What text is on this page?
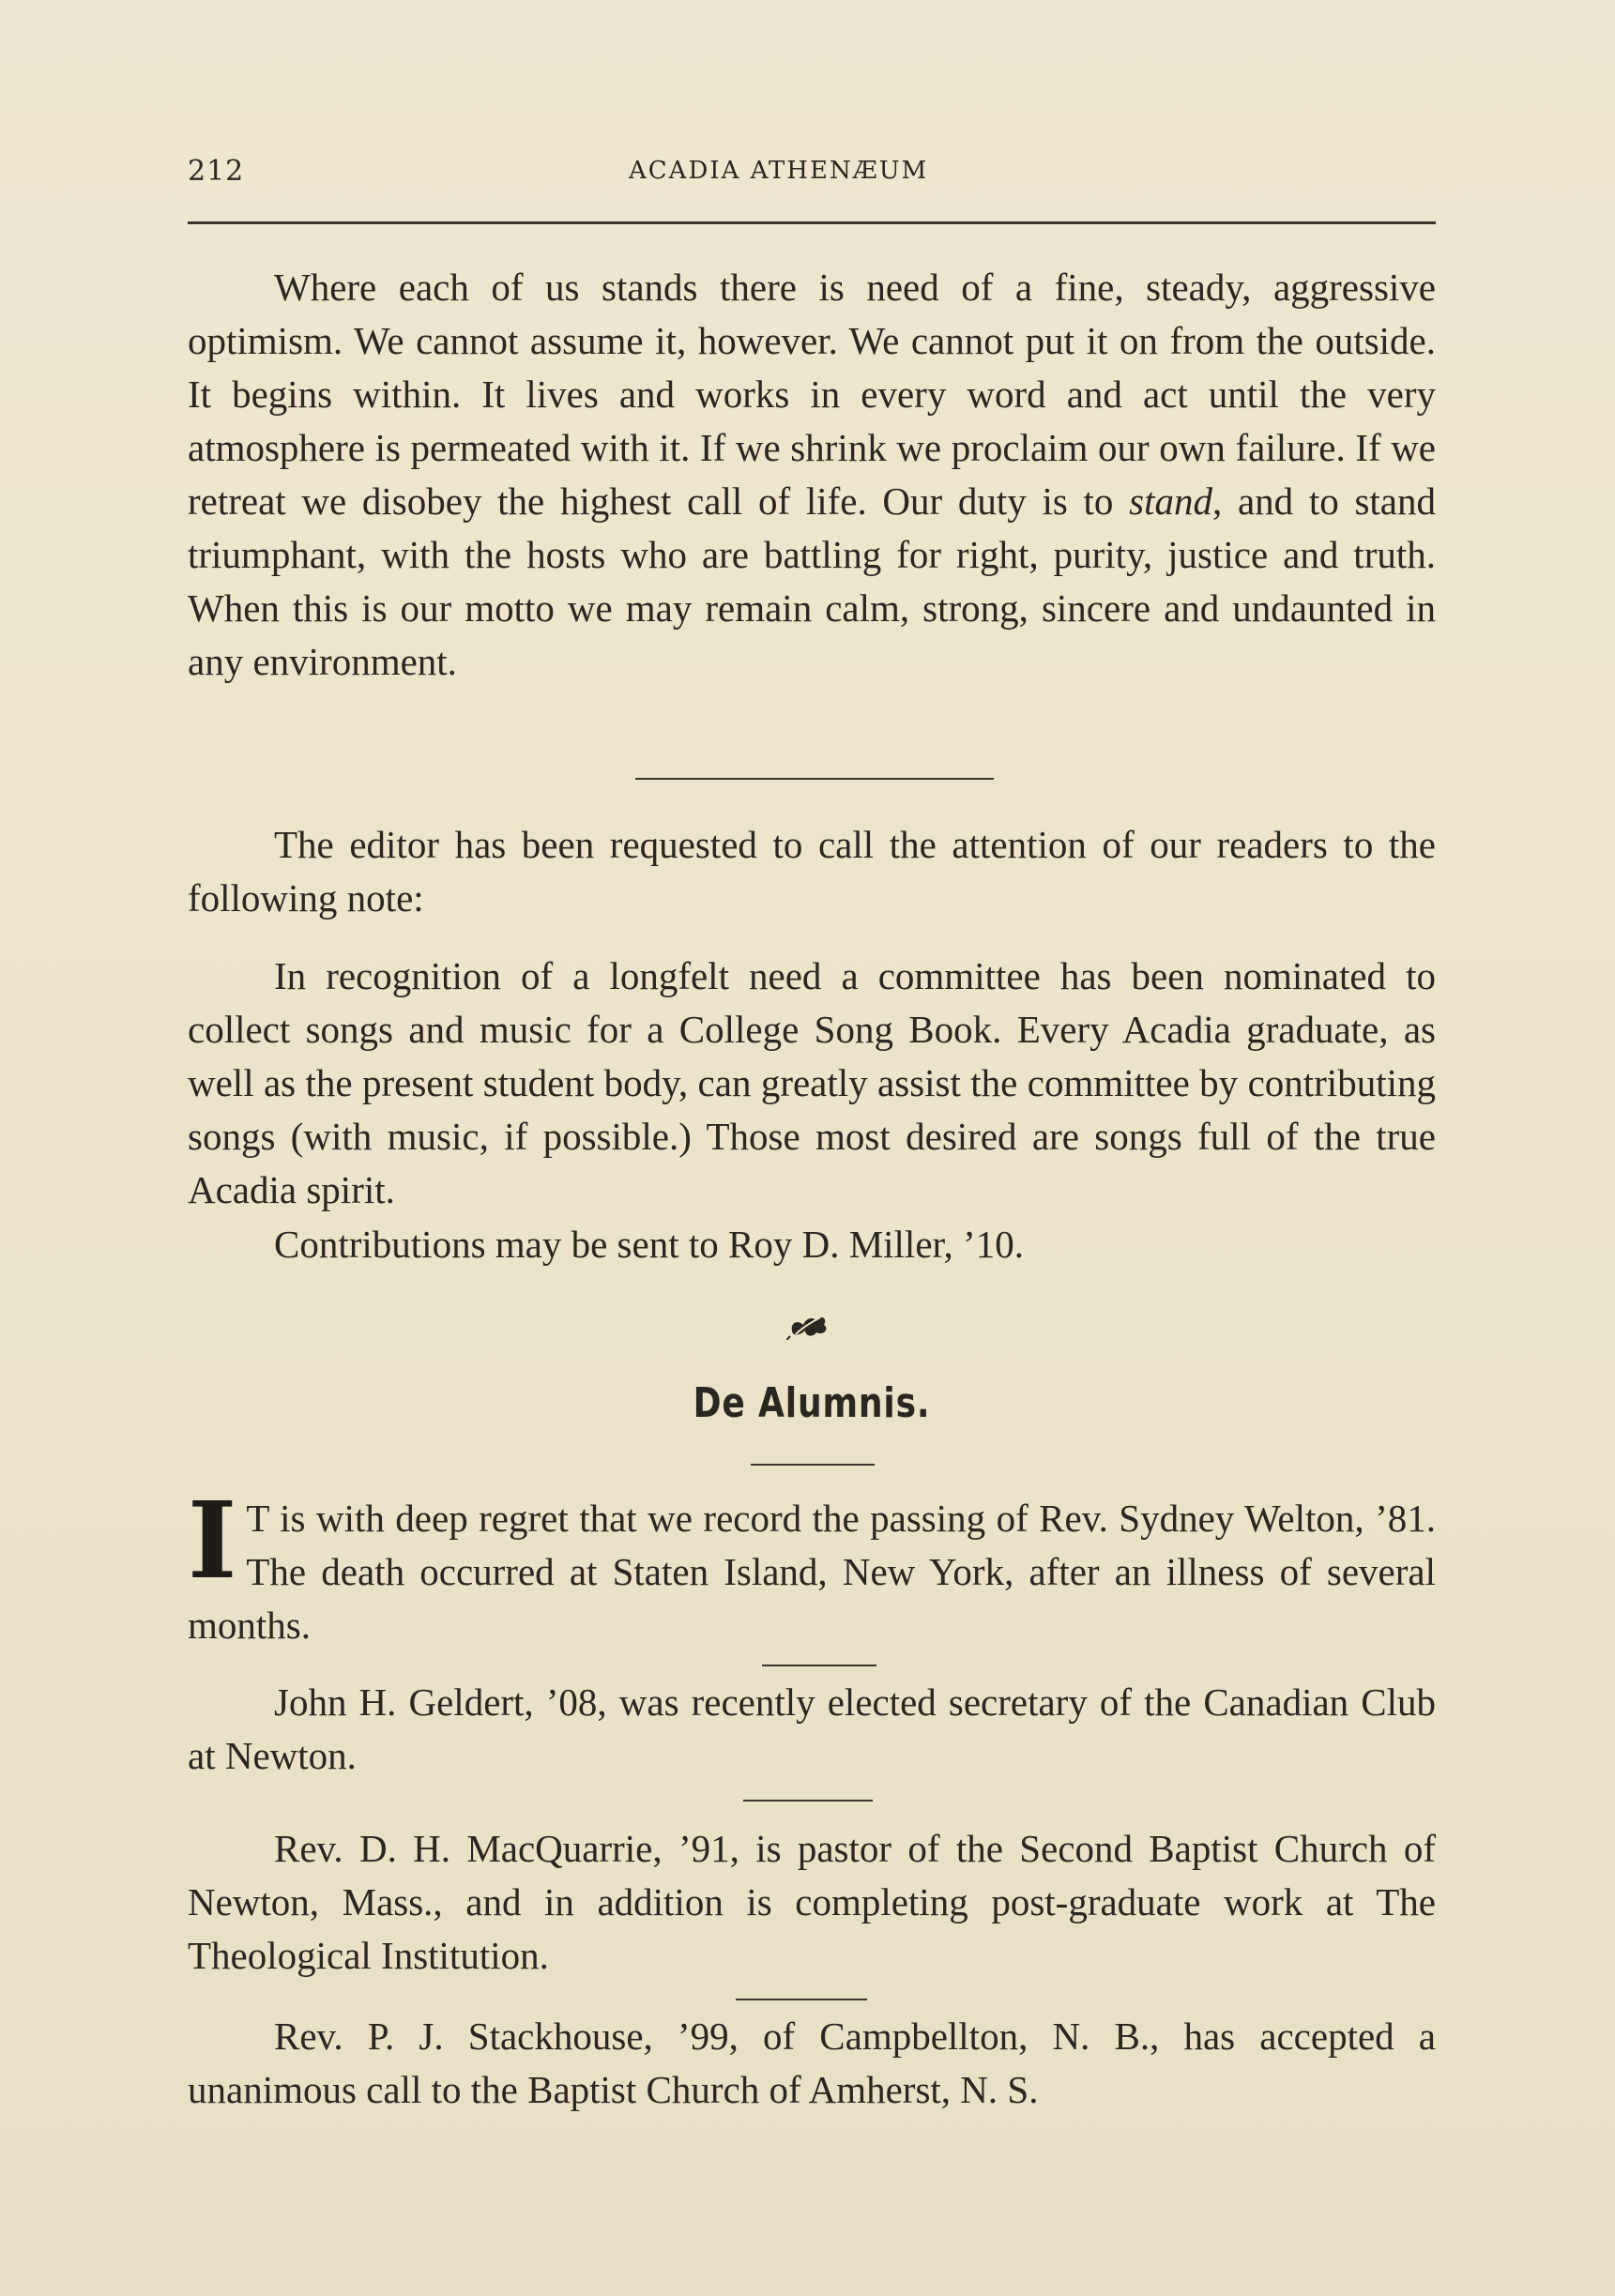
212	ACADIA ATHENÆUM

Where each of us stands there is need of a fine, steady, aggressive optimism. We cannot assume it, however. We cannot put it on from the outside. It begins within. It lives and works in every word and act until the very atmosphere is permeated with it. If we shrink we proclaim our own failure. If we retreat we disobey the highest call of life. Our duty is to stand, and to stand triumphant, with the hosts who are battling for right, purity, justice and truth. When this is our motto we may remain calm, strong, sincere and undaunted in any environment.

The editor has been requested to call the attention of our readers to the following note:

In recognition of a longfelt need a committee has been nominated to collect songs and music for a College Song Book. Every Acadia graduate, as well as the present student body, can greatly assist the committee by contributing songs (with music, if possible.) Those most desired are songs full of the true Acadia spirit.

Contributions may be sent to Roy D. Miller, ’10.

De Alumnis.
I T is with deep regret that we record the passing of Rev. Sydney Welton, ’81. The death occurred at Staten Island, New York, after an illness of several months.

John H. Geldert, ’08, was recently elected secretary of the Canadian Club at Newton.

Rev. D. H. MacQuarrie, ’91, is pastor of the Second Baptist Church of Newton, Mass., and in addition is completing post-graduate work at The Theological Institution.

Rev. P. J. Stackhouse, ’99, of Campbellton, N. B., has accepted a unanimous call to the Baptist Church of Amherst, N. S.
